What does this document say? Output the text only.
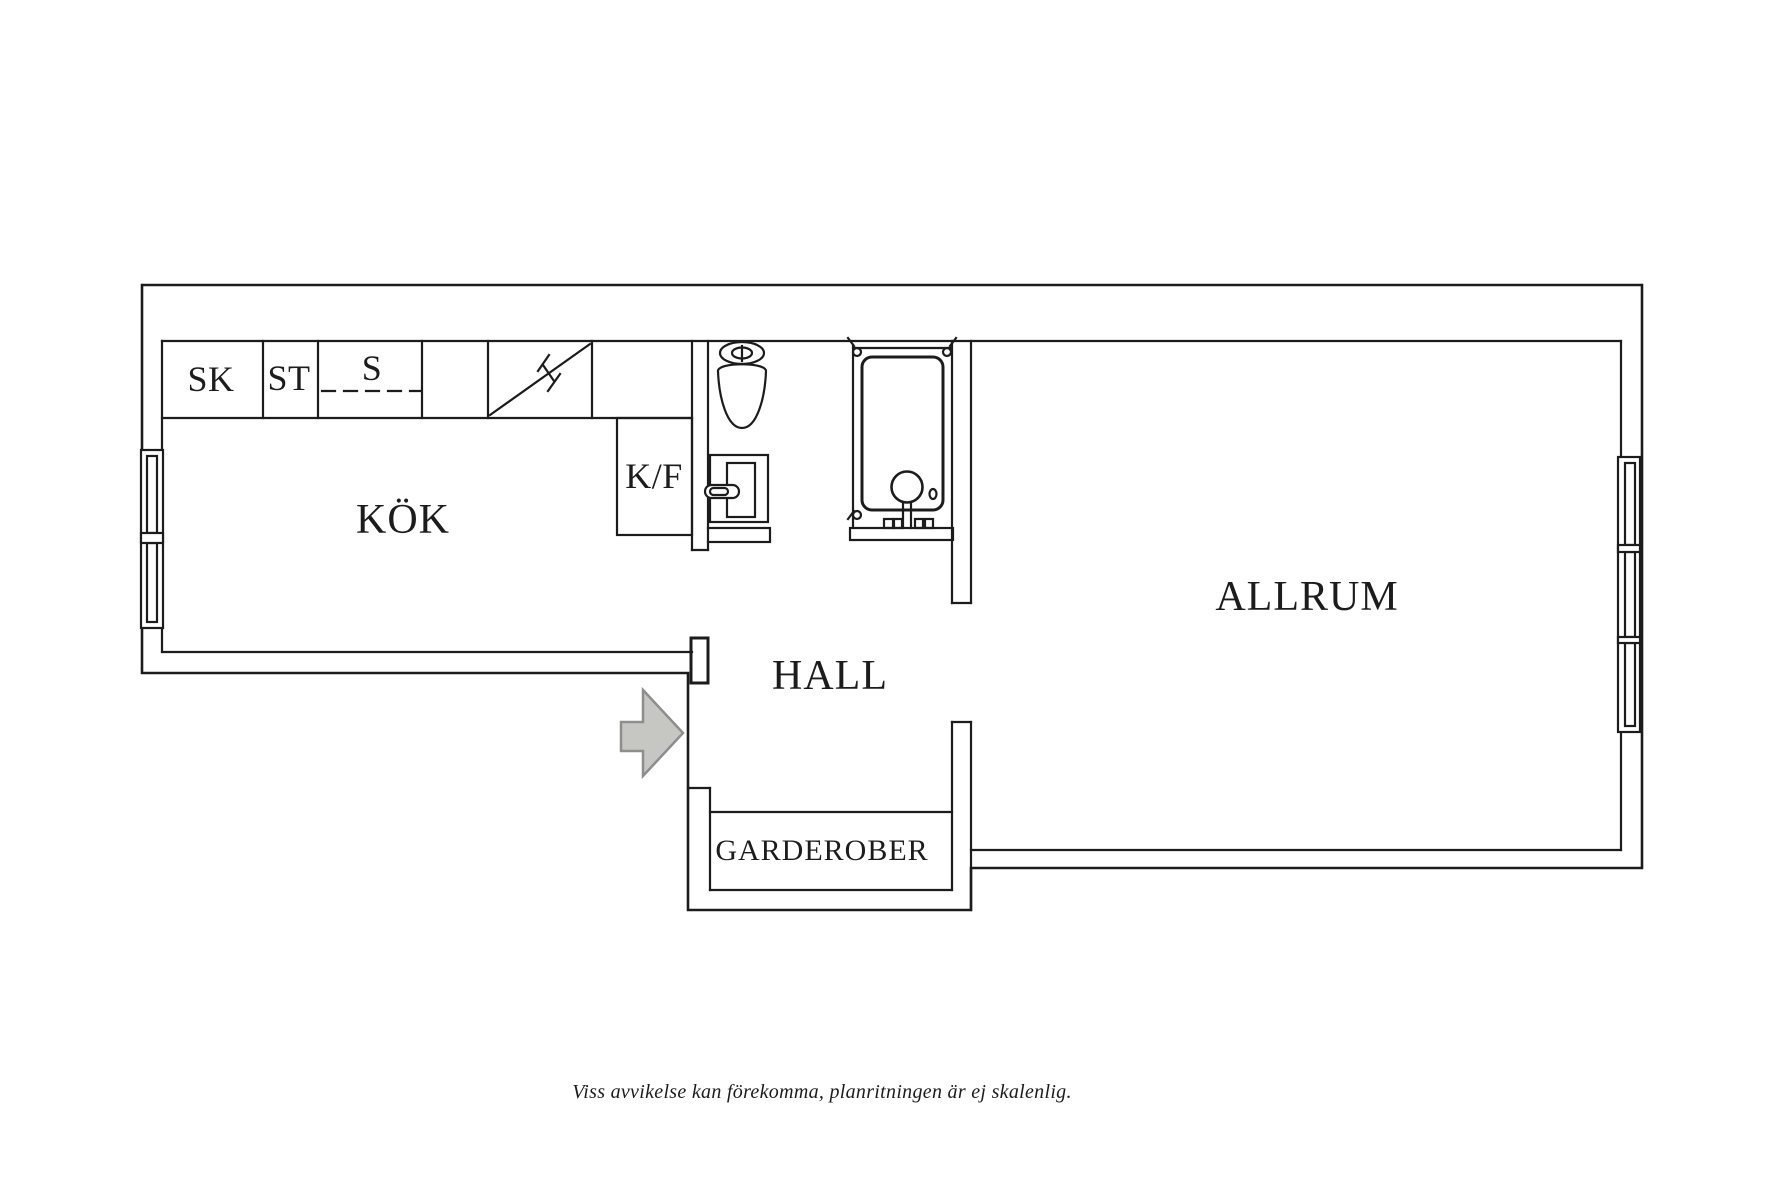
SK ST S
K/F
KÖK
HALL
ALLRUM
GARDEROBER
Viss avvikelse kan förekomma, planritningen är ej skalenlig.
